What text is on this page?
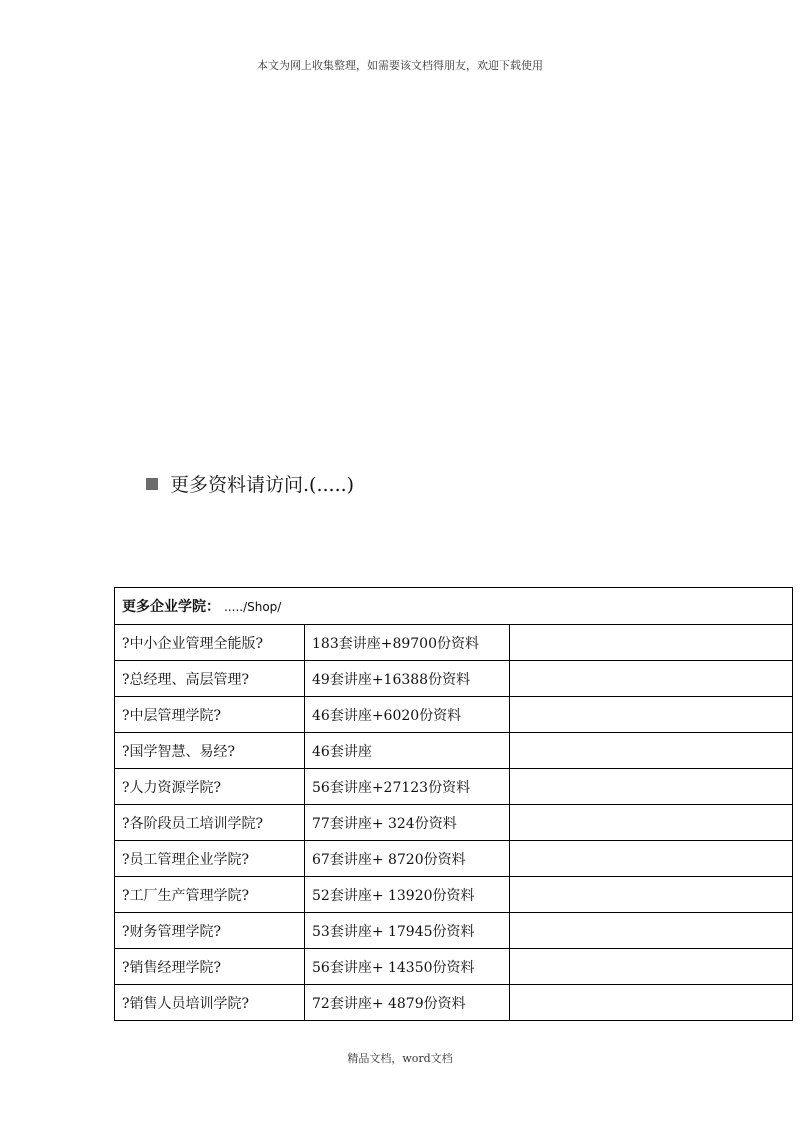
本文为网上收集整理，如需要该文档得朋友，欢迎下载使用
更多资料请访问.(.....)
更多企业学院： ...../Shop/		
?中小企业管理全能版?	183套讲座+89700份资料	
?总经理、高层管理?	49套讲座+16388份资料	
?中层管理学院?	46套讲座+6020份资料	
?国学智慧、易经?	46套讲座	
?人力资源学院?	56套讲座+27123份资料	
?各阶段员工培训学院?	77套讲座+ 324份资料	
?员工管理企业学院?	67套讲座+ 8720份资料	
?工厂生产管理学院?	52套讲座+ 13920份资料	
?财务管理学院?	53套讲座+ 17945份资料	
?销售经理学院?	56套讲座+ 14350份资料	
?销售人员培训学院?	72套讲座+ 4879份资料	
精品文档，word文档
